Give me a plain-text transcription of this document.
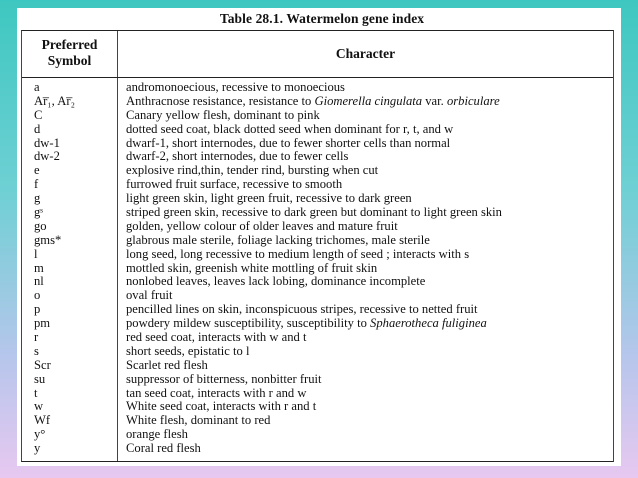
Table 28.1. Watermelon gene index
Preferred
Symbol	Character
a	andromonoecious, recessive to monoecious
Ar̅₁, Ar̅₂	Anthracnose resistance, resistance to Giomerella cingulata var. orbiculare
C	Canary yellow flesh, dominant to pink
d	dotted seed coat, black dotted seed when dominant for r, t, and w
dw-1	dwarf-1, short internodes, due to fewer shorter cells than normal
dw-2	dwarf-2, short internodes, due to fewer cells
e	explosive rind,thin, tender rind, bursting when cut
f	furrowed fruit surface, recessive to smooth
g	light green skin, light green fruit, recessive to dark green
gˢ	striped green skin, recessive to dark green but dominant to light green skin
go	golden, yellow colour of older leaves and mature fruit
gms*	glabrous male sterile, foliage lacking trichomes, male sterile
l	long seed, long recessive to medium length of seed ; interacts with s
m	mottled skin, greenish white mottling of fruit skin
nl	nonlobed leaves, leaves lack lobing, dominance incomplete
o	oval fruit
p	pencilled lines on skin, inconspicuous stripes, recessive to netted fruit
pm	powdery mildew susceptibility, susceptibility to Sphaerotheca fuliginea
r	red seed coat, interacts with w and t
s	short seeds, epistatic to l
Scr	Scarlet red flesh
su	suppressor of bitterness, nonbitter fruit
t	tan seed coat, interacts with r and w
w	White seed coat, interacts with r and t
Wf	White flesh, dominant to red
y°	orange flesh
y	Coral red flesh
